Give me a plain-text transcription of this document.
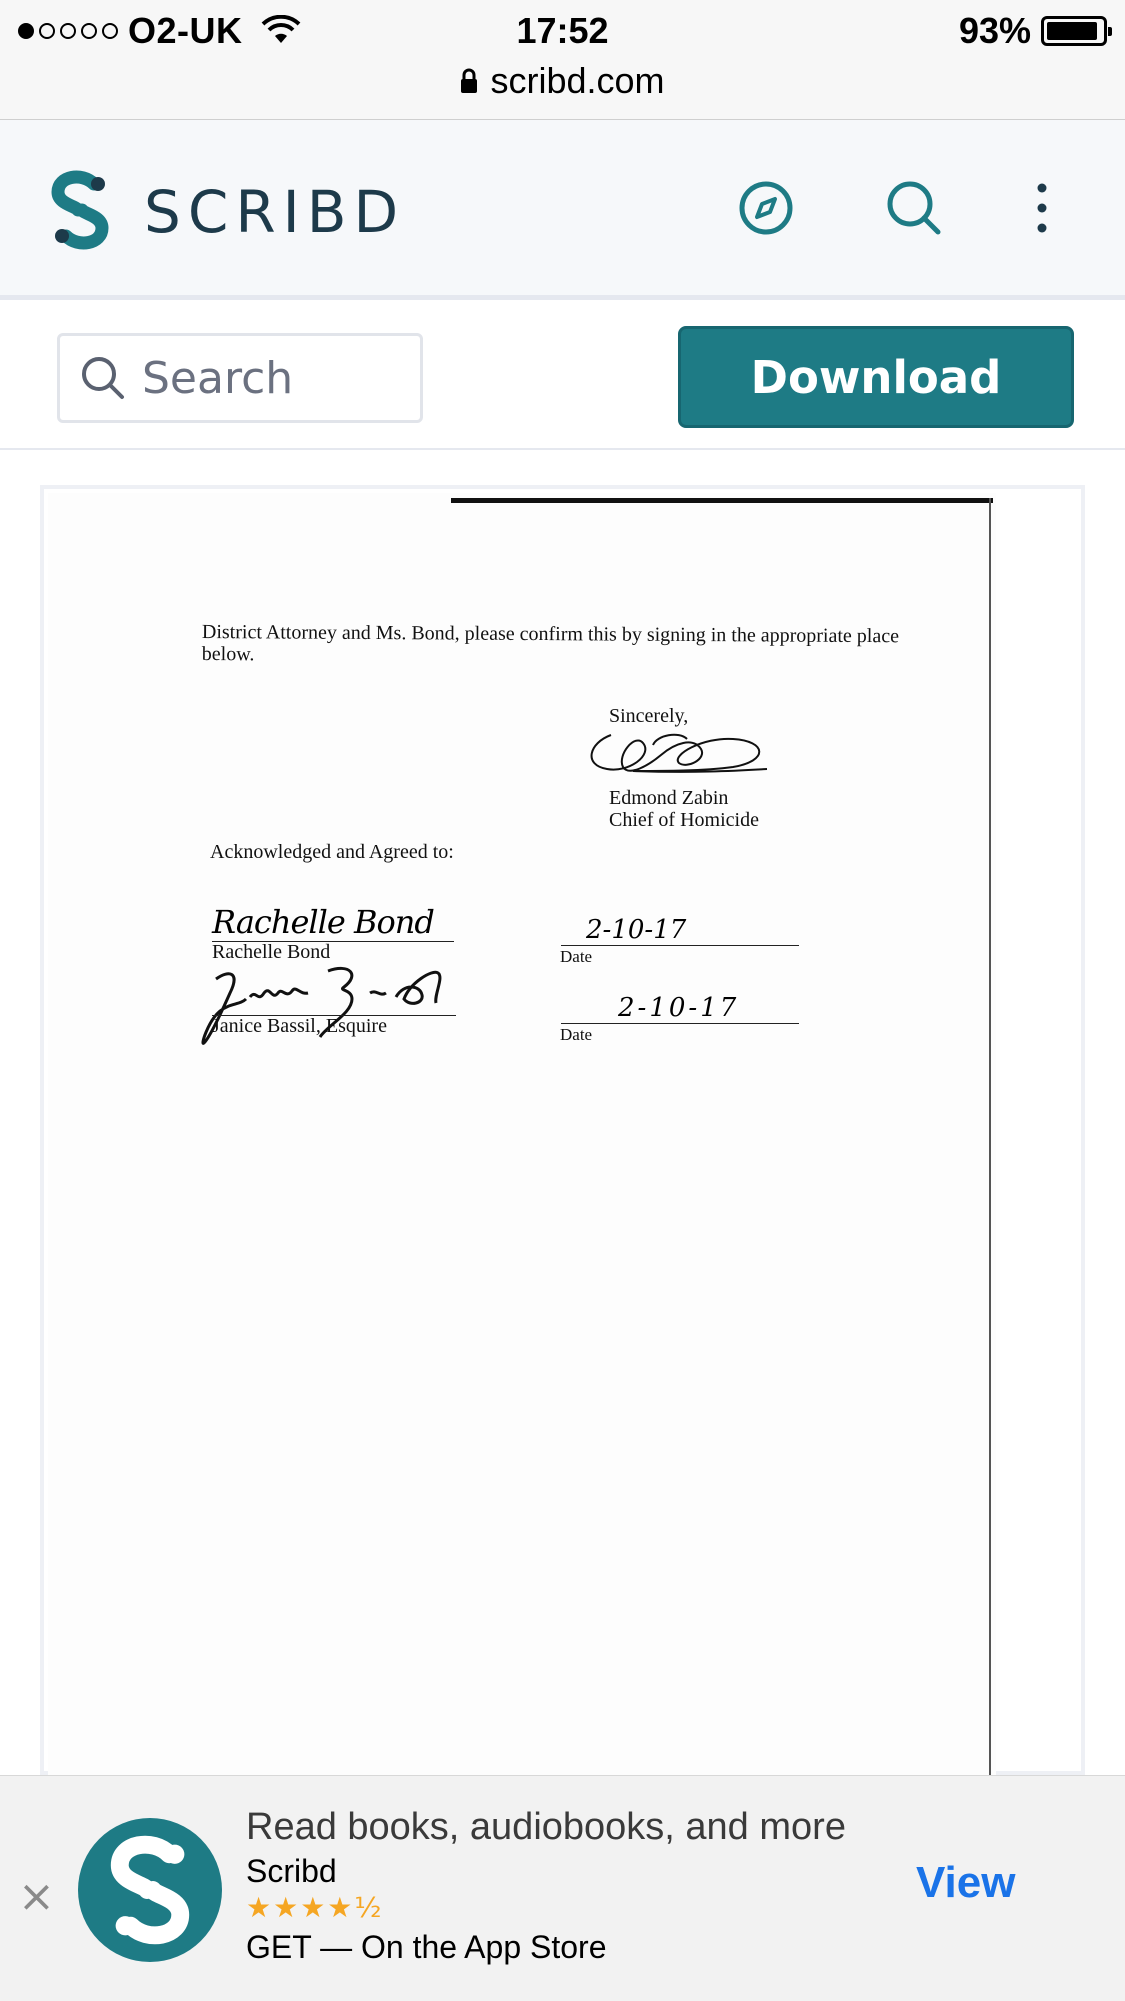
O2-UK	17:52	93%
scribd.com
SCRIBD
Search
Download
District Attorney and Ms. Bond, please confirm this by signing in the appropriate place
below.
Sincerely,
Edmond Zabin
Chief of Homicide
Acknowledged and Agreed to:
Rachelle Bond
Rachelle Bond
2-10-17
Date
Janice Bassil, Esquire
2-10-17
Date
×
Read books, audiobooks, and more
Scribd
★★★★½
GET — On the App Store
View
